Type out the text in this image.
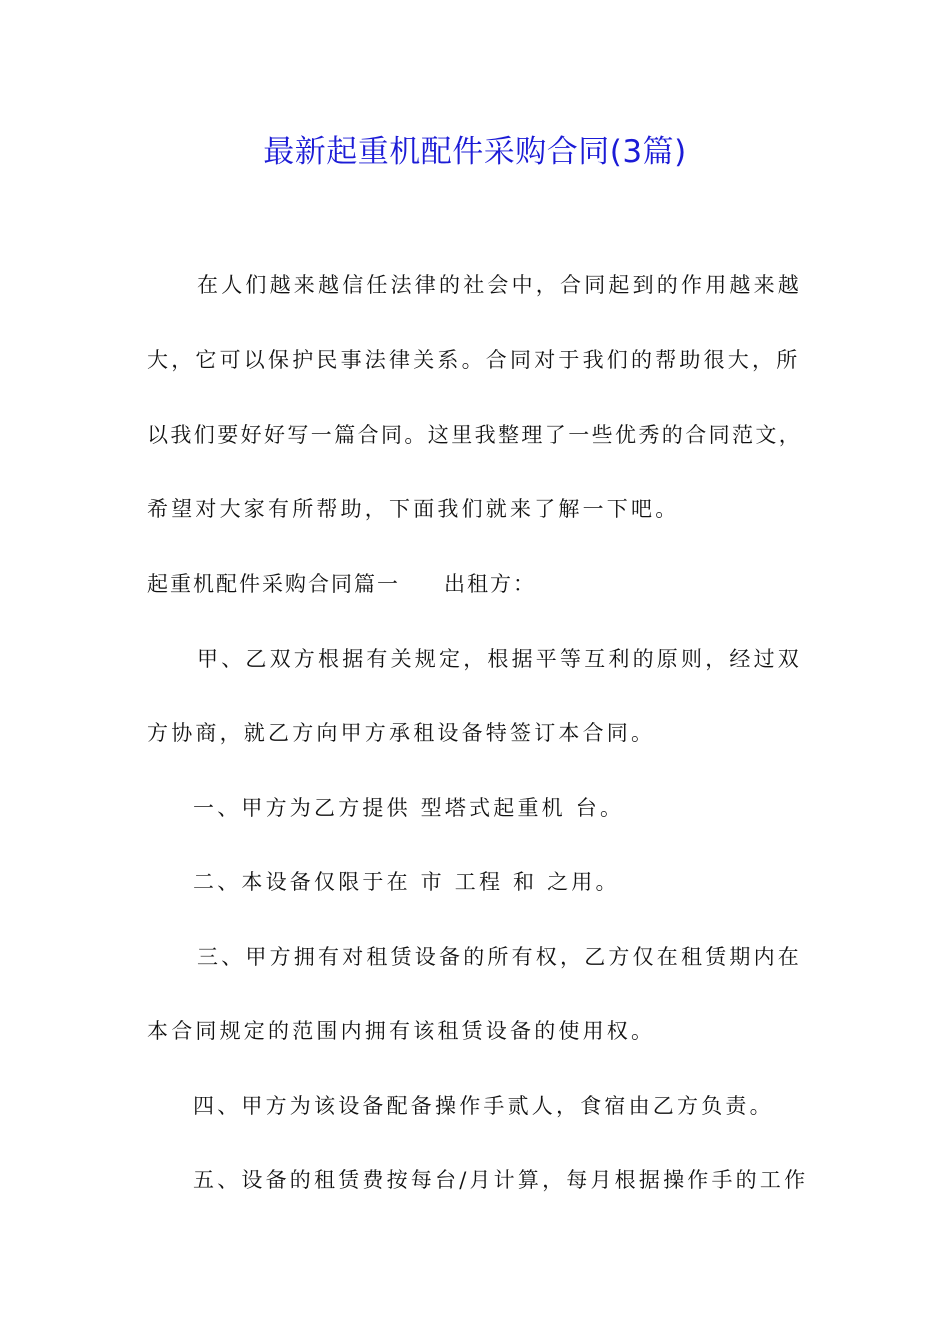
最新起重机配件采购合同(3篇)
在人们越来越信任法律的社会中，合同起到的作用越来越
大，它可以保护民事法律关系。合同对于我们的帮助很大，所
以我们要好好写一篇合同。这里我整理了一些优秀的合同范文，
希望对大家有所帮助，下面我们就来了解一下吧。
起重机配件采购合同篇一 出租方：
甲、乙双方根据有关规定，根据平等互利的原则，经过双
方协商，就乙方向甲方承租设备特签订本合同。
一、甲方为乙方提供 型塔式起重机 台。
二、本设备仅限于在 市 工程 和 之用。
三、甲方拥有对租赁设备的所有权，乙方仅在租赁期内在
本合同规定的范围内拥有该租赁设备的使用权。
四、甲方为该设备配备操作手贰人，食宿由乙方负责。
五、设备的租赁费按每台/月计算，每月根据操作手的工作
